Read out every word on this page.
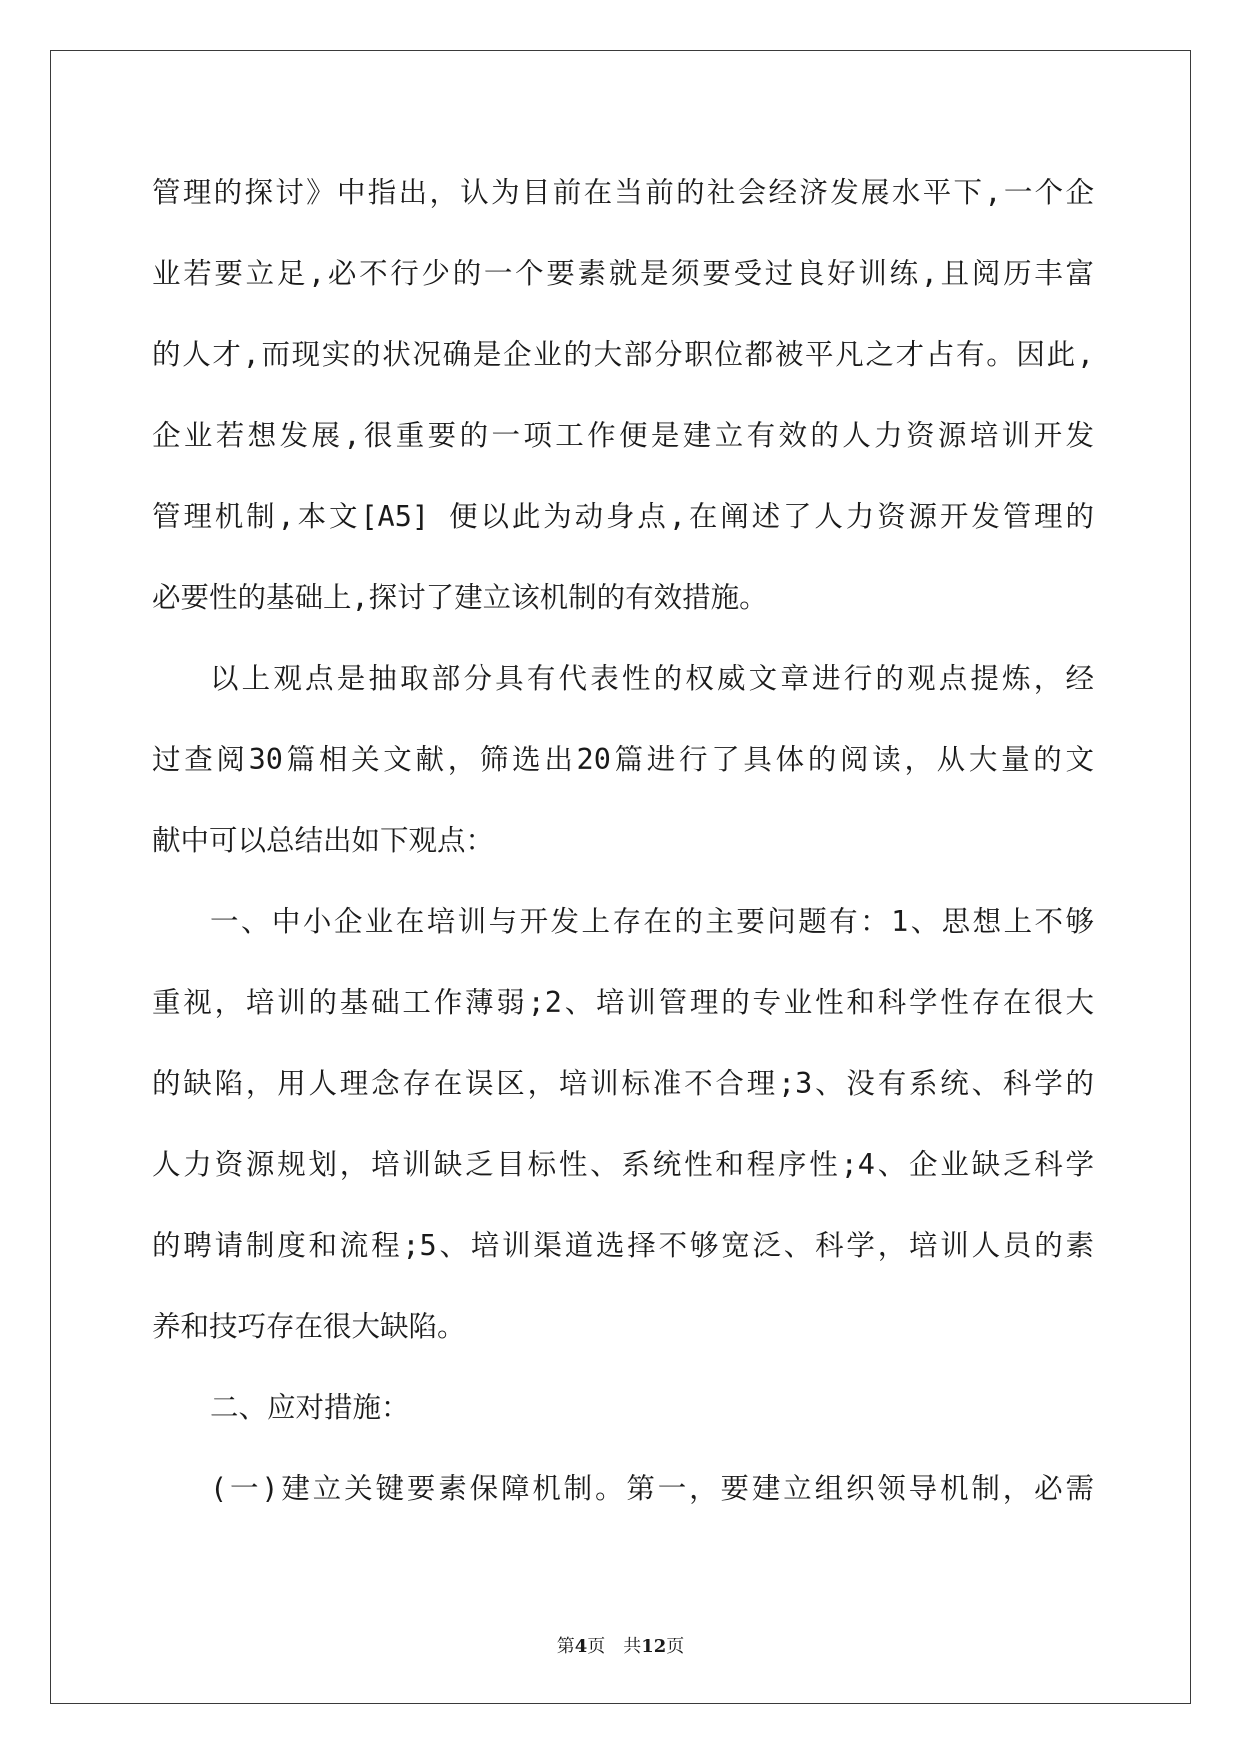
管理的探讨》中指出，认为目前在当前的社会经济发展水平下,一个企
业若要立足,必不行少的一个要素就是须要受过良好训练,且阅历丰富
的人才,而现实的状况确是企业的大部分职位都被平凡之才占有。因此,
企业若想发展,很重要的一项工作便是建立有效的人力资源培训开发
管理机制,本文[A5] 便以此为动身点,在阐述了人力资源开发管理的
必要性的基础上,探讨了建立该机制的有效措施。
以上观点是抽取部分具有代表性的权威文章进行的观点提炼，经
过查阅30篇相关文献，筛选出20篇进行了具体的阅读，从大量的文
献中可以总结出如下观点：
一、中小企业在培训与开发上存在的主要问题有：1、思想上不够
重视，培训的基础工作薄弱;2、培训管理的专业性和科学性存在很大
的缺陷，用人理念存在误区，培训标准不合理;3、没有系统、科学的
人力资源规划，培训缺乏目标性、系统性和程序性;4、企业缺乏科学
的聘请制度和流程;5、培训渠道选择不够宽泛、科学，培训人员的素
养和技巧存在很大缺陷。
二、应对措施：
(一)建立关键要素保障机制。第一，要建立组织领导机制，必需
第4页　共12页
